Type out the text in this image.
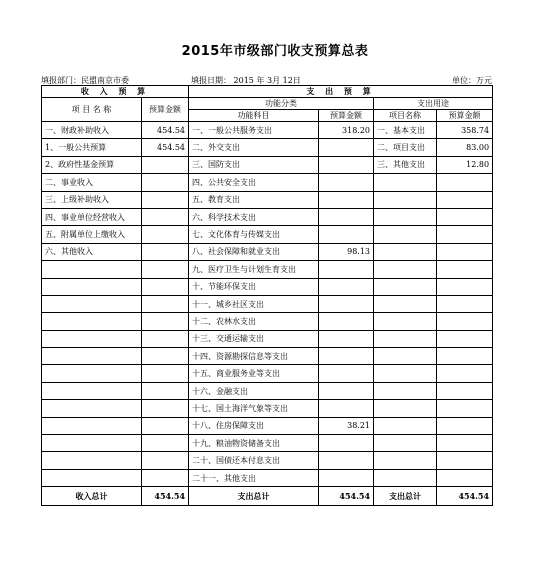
2015年市级部门收支预算总表
填报部门：民盟南京市委	填报日期： 2015 年 3月 12日	单位：万元
收 入 预 算		支 出 预 算			
项 目 名 称	预算金额	功能分类		支出用途	
		功能科目	预算金额	项目名称	预算金额
一、财政补助收入	454.54	一、一般公共服务支出	318.20	一、基本支出	358.74
1、一般公共预算	454.54	二、外交支出		二、项目支出	83.00
2、政府性基金预算		三、国防支出		三、其他支出	12.80
二、事业收入		四、公共安全支出			
三、上级补助收入		五、教育支出			
四、事业单位经营收入		六、科学技术支出			
五、附属单位上缴收入		七、文化体育与传媒支出			
六、其他收入		八、社会保障和就业支出	98.13		
		九、医疗卫生与计划生育支出			
		十、节能环保支出			
		十一、城乡社区支出			
		十二、农林水支出			
		十三、交通运输支出			
		十四、资源勘探信息等支出			
		十五、商业服务业等支出			
		十六、金融支出			
		十七、国土海洋气象等支出			
		十八、住房保障支出	38.21		
		十九、粮油物资储备支出			
		二十、国债还本付息支出			
		二十一、其他支出			
收入总计	454.54	支出总计	454.54	支出总计	454.54
